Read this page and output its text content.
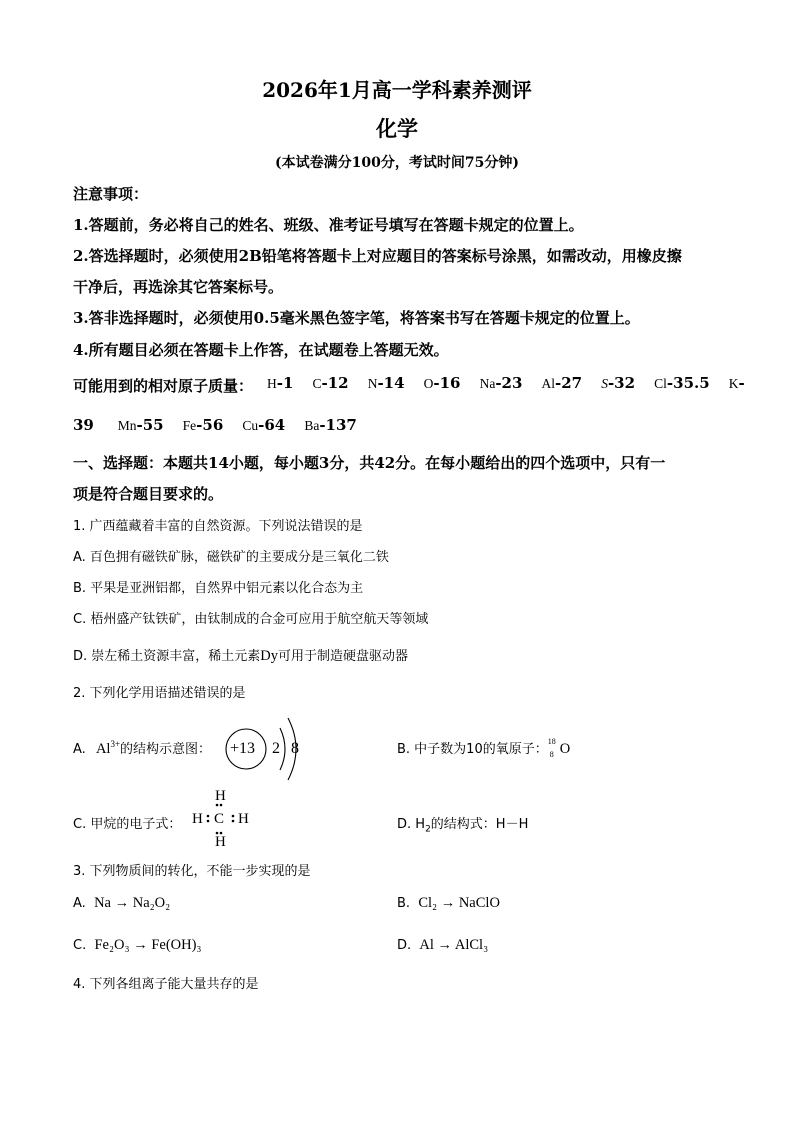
2026年1月高一学科素养测评
化学
(本试卷满分100分，考试时间75分钟)
注意事项：
1.答题前，务必将自己的姓名、班级、准考证号填写在答题卡规定的位置上。
2.答选择题时，必须使用2B铅笔将答题卡上对应题目的答案标号涂黑，如需改动，用橡皮擦
干净后，再选涂其它答案标号。
3.答非选择题时，必须使用0.5毫米黑色签字笔，将答案书写在答题卡规定的位置上。
4.所有题目必须在答题卡上作答，在试题卷上答题无效。
可能用到的相对原子质量： H-1 C-12 N-14 O-16 Na-23 Al-27 S-32 Cl-35.5 K-
39 Mn-55 Fe-56 Cu-64 Ba-137
一、选择题：本题共14小题，每小题3分，共42分。在每小题给出的四个选项中，只有一
项是符合题目要求的。
1. 广西蕴藏着丰富的自然资源。下列说法错误的是
A. 百色拥有磁铁矿脉，磁铁矿的主要成分是三氧化二铁
B. 平果是亚洲铝都，自然界中铝元素以化合态为主
C. 梧州盛产钛铁矿，由钛制成的合金可应用于航空航天等领域
D. 崇左稀土资源丰富，稀土元素Dy可用于制造硬盘驱动器
2. 下列化学用语描述错误的是
A. $Al^{3+}$的结构示意图： +13 2 8	B. 中子数为10的氧原子：
18
8 O
C. 甲烷的电子式：
H
H C H
H
D. $H_2$的结构式：H－H
3. 下列物质间的转化，不能一步实现的是
A. Na → Na₂O₂	B. Cl₂ → NaClO
C. Fe₂O₃ → Fe(OH)₃	D. Al → AlCl₃
4. 下列各组离子能大量共存的是
